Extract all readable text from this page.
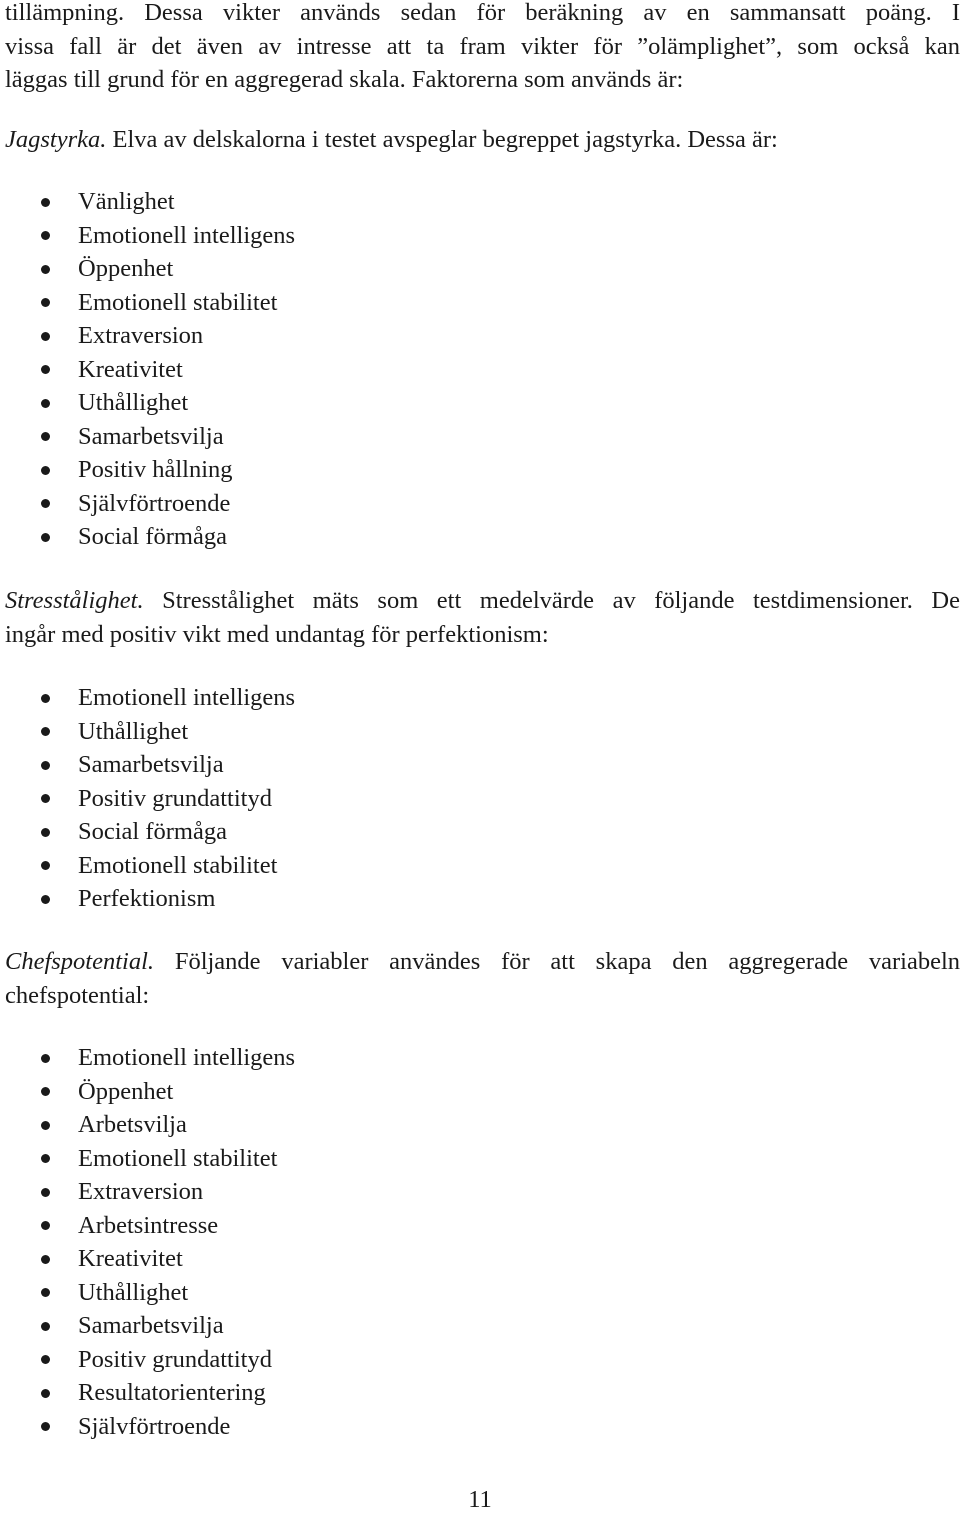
tillämpning. Dessa vikter används sedan för beräkning av en sammansatt poäng. I
vissa fall är det även av intresse att ta fram vikter för ”olämplighet”, som också kan
läggas till grund för en aggregerad skala. Faktorerna som används är:

Jagstyrka. Elva av delskalorna i testet avspeglar begreppet jagstyrka. Dessa är:

Vänlighet
Emotionell intelligens
Öppenhet
Emotionell stabilitet
Extraversion
Kreativitet
Uthållighet
Samarbetsvilja
Positiv hållning
Självförtroende
Social förmåga

Stresstålighet. Stresstålighet mäts som ett medelvärde av följande testdimensioner. De
ingår med positiv vikt med undantag för perfektionism:

Emotionell intelligens
Uthållighet
Samarbetsvilja
Positiv grundattityd
Social förmåga
Emotionell stabilitet
Perfektionism

Chefspotential. Följande variabler användes för att skapa den aggregerade variabeln
chefspotential:

Emotionell intelligens
Öppenhet
Arbetsvilja
Emotionell stabilitet
Extraversion
Arbetsintresse
Kreativitet
Uthållighet
Samarbetsvilja
Positiv grundattityd
Resultatorientering
Självförtroende
11
